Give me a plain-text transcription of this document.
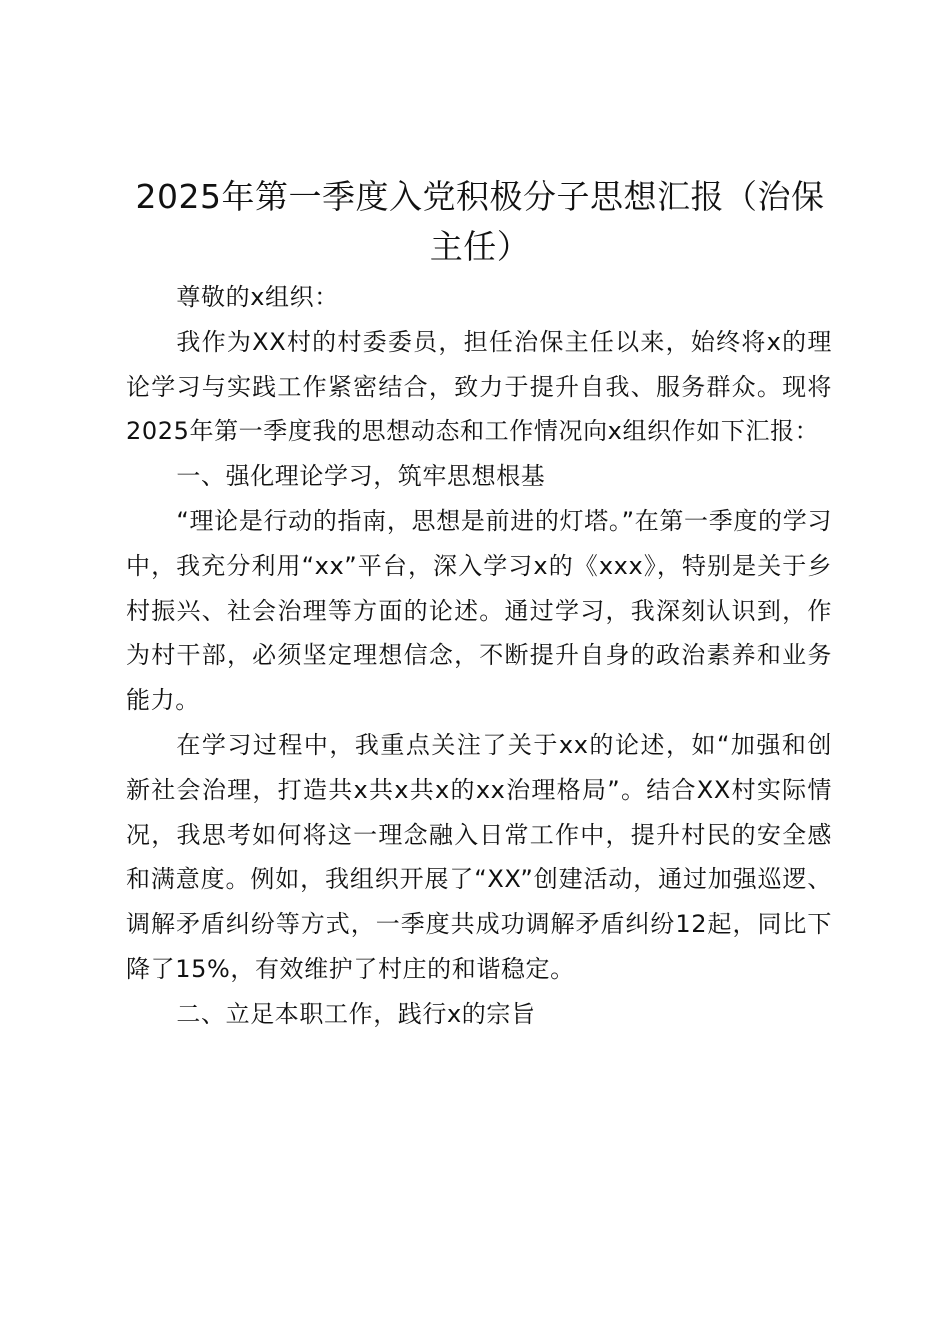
2025年第一季度入党积极分子思想汇报（治保主任）

尊敬的x组织：

我作为XX村的村委委员，担任治保主任以来，始终将x的理论学习与实践工作紧密结合，致力于提升自我、服务群众。现将2025年第一季度我的思想动态和工作情况向x组织作如下汇报：

一、强化理论学习，筑牢思想根基

“理论是行动的指南，思想是前进的灯塔。”在第一季度的学习中，我充分利用“xx”平台，深入学习x的《xxx》，特别是关于乡村振兴、社会治理等方面的论述。通过学习，我深刻认识到，作为村干部，必须坚定理想信念，不断提升自身的政治素养和业务能力。

在学习过程中，我重点关注了关于xx的论述，如“加强和创新社会治理，打造共x共x共x的xx治理格局”。结合XX村实际情况，我思考如何将这一理念融入日常工作中，提升村民的安全感和满意度。例如，我组织开展了“XX”创建活动，通过加强巡逻、调解矛盾纠纷等方式，一季度共成功调解矛盾纠纷12起，同比下降了15%，有效维护了村庄的和谐稳定。

二、立足本职工作，践行x的宗旨
